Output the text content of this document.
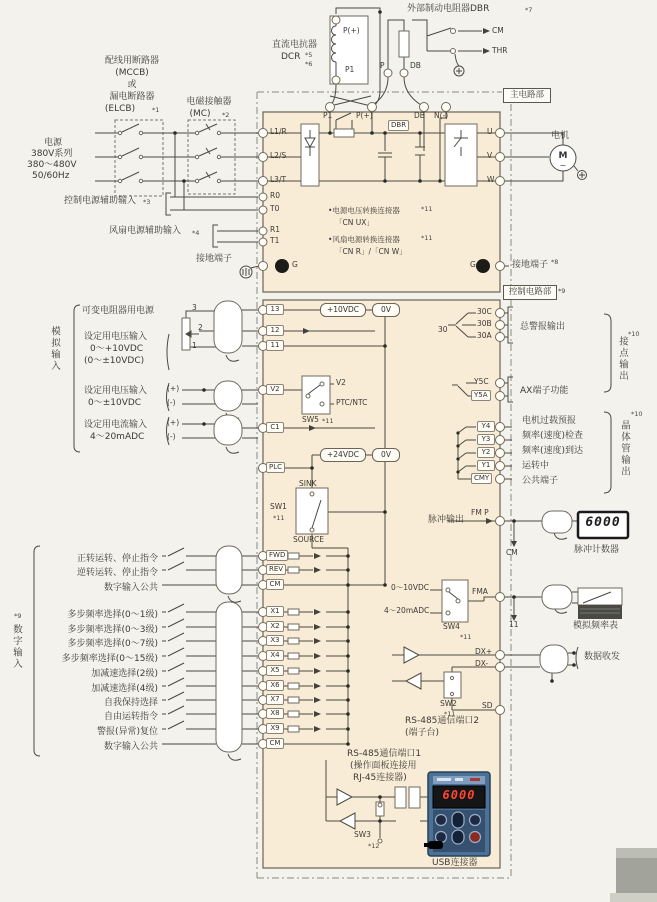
M
~
电源
380V系列
380〜480V
50/60Hz
配线用断路器
(MCCB)
或
漏电断路器
(ELCB)	*1
电磁接触器
(MC)	*2
控制电源辅助输入 *3
风扇电源辅助输入 *4
接地端子
直流电抗器
DCR *5
*6
P(+)
P1
外部制动电阻器DBR	*7
CM
THR
P	DB
主电路部
控制电路部	*9
P1	P(+)	DB N(-)
DBR
L1/R
L2/S
L3/T
R0
T0
R1
T1
U
V
W
G	G
•电源电压转换连接器	*11
「CN UX」
•风扇电源转换连接器	*11
「CN R」/「CN W」
电机
接地端子 *8
模拟输入
可变电阻器用电源	3
2
1
设定用电压输入
0〜+10VDC
(0〜±10VDC)
设定用电压输入
0〜±10VDC
(+)
(-)
设定用电流输入
4〜20mADC
(+)
(-)
+10VDC	0V
+24VDC	0V
V2
PTC/NTC
SW5 *11
SINK
SOURCE
SW1
*11
13
12
11
V2
C1
PLC
FWD
REV
CM
X1
X2
X3
X4
X5
X6
X7
X8
X9
CM
正转运转、停止指令
逆转运转、停止指令
数字输入公共
多步频率选择(0〜1级)
多步频率选择(0〜3级)
多步频率选择(0〜7级)
多步频率选择(0〜15级)
加减速选择(2级)
加减速选择(4级)
自我保持选择
自由运转指令
警报(异常)复位
数字输入公共
数字输入
*9
30C
30B
30A
30	总警报输出
接点输出
*10
Y5C
Y5A	AX端子功能
Y4
Y3
Y2
Y1
CMY
电机过载预报
频率(速度)检查
频率(速度)到达
运转中
公共端子
晶体管输出
*10
脉冲输出
FM P
CM
6000
脉冲计数器
0〜10VDC
4〜20mADC
SW4
*11
FMA
11	模拟频率表
DX+
DX-
数据收发
SW2
*11
SD
RS-485通信端口2
(端子台)
RS-485通信端口1
(操作面板连接用
RJ-45连接器)
SW3
*12
6000
USB连接器
